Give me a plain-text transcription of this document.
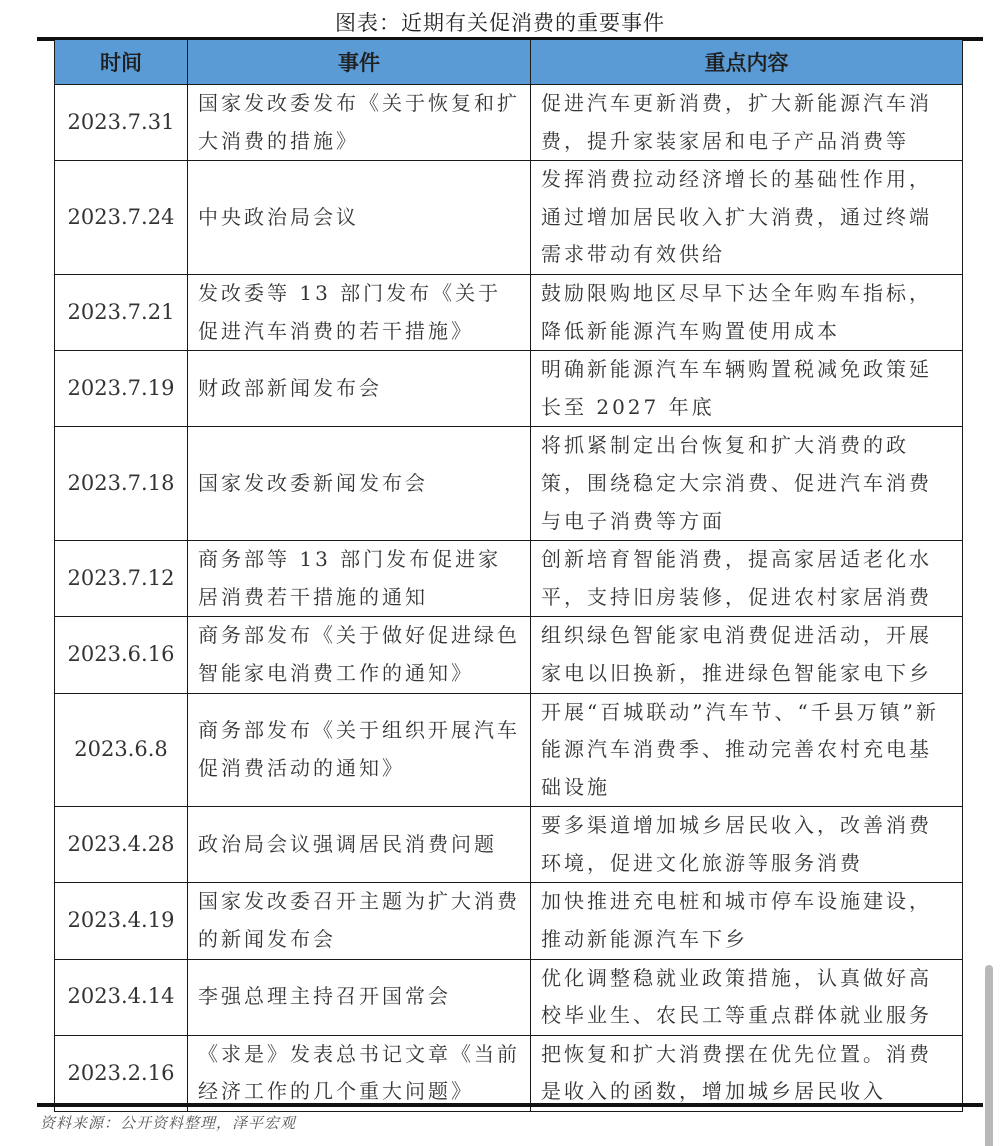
图表：近期有关促消费的重要事件
时间	事件	重点内容
2023.7.31	国家发改委发布《关于恢复和扩大消费的措施》	促进汽车更新消费，扩大新能源汽车消费，提升家装家居和电子产品消费等
2023.7.24	中央政治局会议	发挥消费拉动经济增长的基础性作用，通过增加居民收入扩大消费，通过终端需求带动有效供给
2023.7.21	发改委等 13 部门发布《关于促进汽车消费的若干措施》	鼓励限购地区尽早下达全年购车指标，降低新能源汽车购置使用成本
2023.7.19	财政部新闻发布会	明确新能源汽车车辆购置税减免政策延长至 2027 年底
2023.7.18	国家发改委新闻发布会	将抓紧制定出台恢复和扩大消费的政策，围绕稳定大宗消费、促进汽车消费与电子消费等方面
2023.7.12	商务部等 13 部门发布促进家居消费若干措施的通知	创新培育智能消费，提高家居适老化水平，支持旧房装修，促进农村家居消费
2023.6.16	商务部发布《关于做好促进绿色智能家电消费工作的通知》	组织绿色智能家电消费促进活动，开展家电以旧换新，推进绿色智能家电下乡
2023.6.8	商务部发布《关于组织开展汽车促消费活动的通知》	开展“百城联动”汽车节、“千县万镇”新能源汽车消费季、推动完善农村充电基础设施
2023.4.28	政治局会议强调居民消费问题	要多渠道增加城乡居民收入，改善消费环境，促进文化旅游等服务消费
2023.4.19	国家发改委召开主题为扩大消费的新闻发布会	加快推进充电桩和城市停车设施建设，推动新能源汽车下乡
2023.4.14	李强总理主持召开国常会	优化调整稳就业政策措施，认真做好高校毕业生、农民工等重点群体就业服务
2023.2.16	《求是》发表总书记文章《当前经济工作的几个重大问题》	把恢复和扩大消费摆在优先位置。消费是收入的函数，增加城乡居民收入
资料来源：公开资料整理，泽平宏观
